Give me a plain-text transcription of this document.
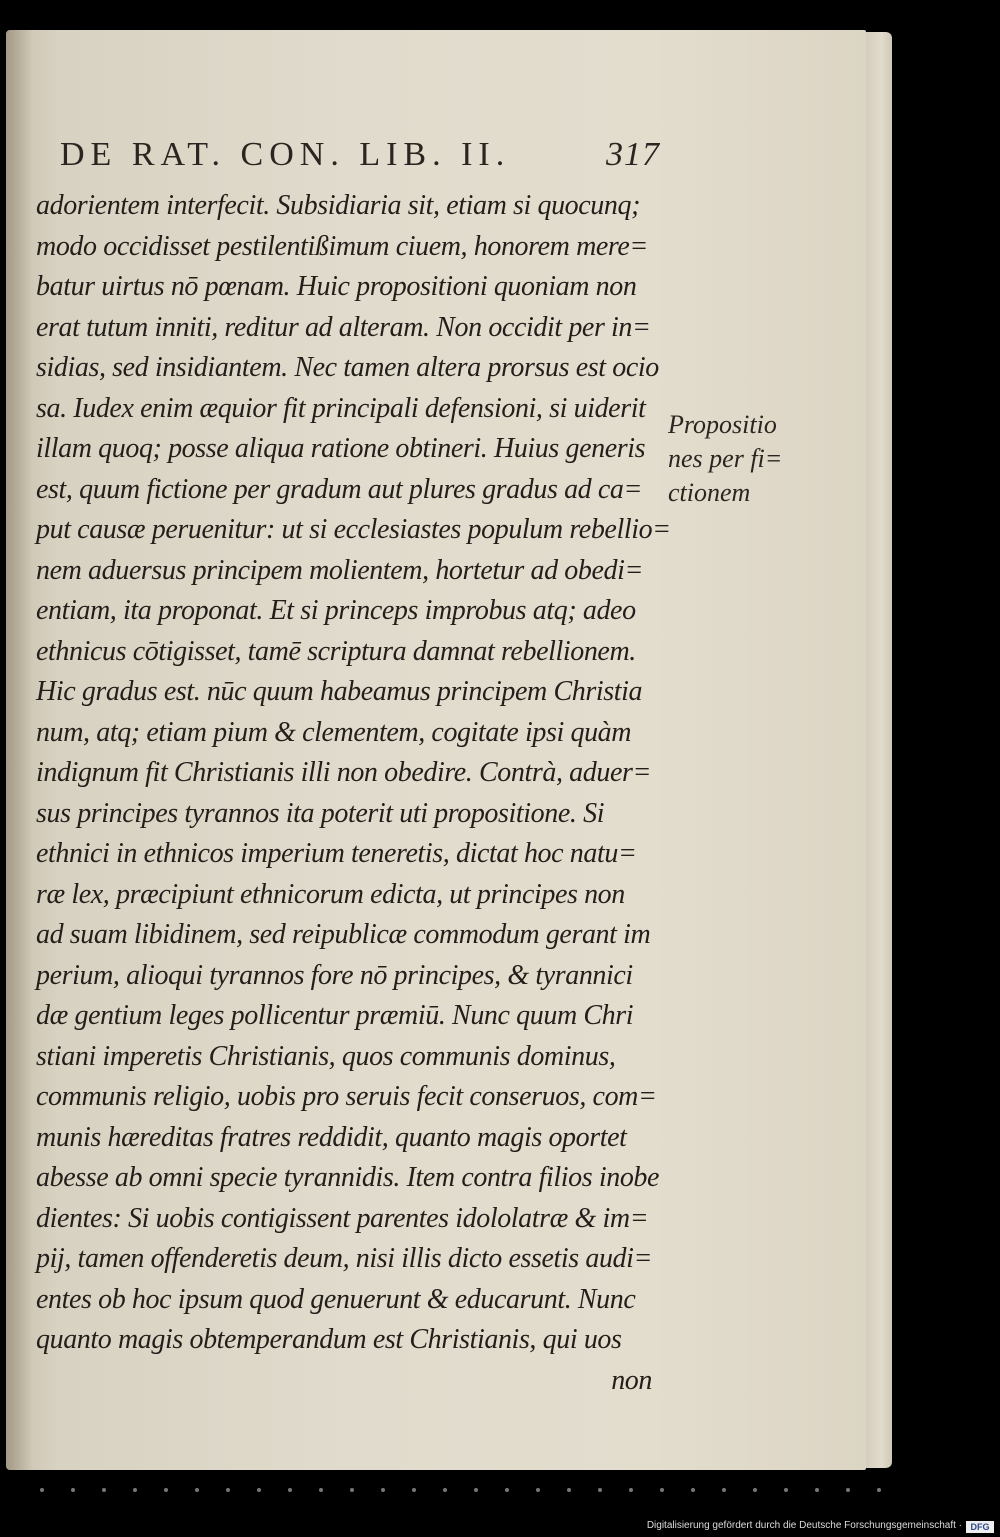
DE RAT. CON. LIB. II.	317
adorientem interfecit. Subsidiaria sit, etiam si quocunq;
modo occidisset pestilentißimum ciuem, honorem mere=
batur uirtus nō pœnam. Huic propositioni quoniam non
erat tutum inniti, reditur ad alteram. Non occidit per in=
sidias, sed insidiantem. Nec tamen altera prorsus est ocio
sa. Iudex enim æquior fit principali defensioni, si uiderit
illam quoq; posse aliqua ratione obtineri. Huius generis
est, quum fictione per gradum aut plures gradus ad ca=
put causæ peruenitur: ut si ecclesiastes populum rebellio=
nem aduersus principem molientem, hortetur ad obedi=
entiam, ita proponat. Et si princeps improbus atq; adeo
ethnicus cōtigisset, tamē scriptura damnat rebellionem.
Hic gradus est. nūc quum habeamus principem Christia
num, atq; etiam pium & clementem, cogitate ipsi quàm
indignum fit Christianis illi non obedire. Contrà, aduer=
sus principes tyrannos ita poterit uti propositione. Si
ethnici in ethnicos imperium teneretis, dictat hoc natu=
ræ lex, præcipiunt ethnicorum edicta, ut principes non
ad suam libidinem, sed reipublicæ commodum gerant im
perium, alioqui tyrannos fore nō principes, & tyrannici
dæ gentium leges pollicentur præmiū. Nunc quum Chri
stiani imperetis Christianis, quos communis dominus,
communis religio, uobis pro seruis fecit conseruos, com=
munis hæreditas fratres reddidit, quanto magis oportet
abesse ab omni specie tyrannidis. Item contra filios inobe
dientes: Si uobis contigissent parentes idololatræ & im=
pij, tamen offenderetis deum, nisi illis dicto essetis audi=
entes ob hoc ipsum quod genuerunt & educarunt. Nunc
quanto magis obtemperandum est Christianis, qui uos
non
Propositio
nes per fi=
ctionem
Digitalisierung gefördert durch die Deutsche Forschungsgemeinschaft · DFG
